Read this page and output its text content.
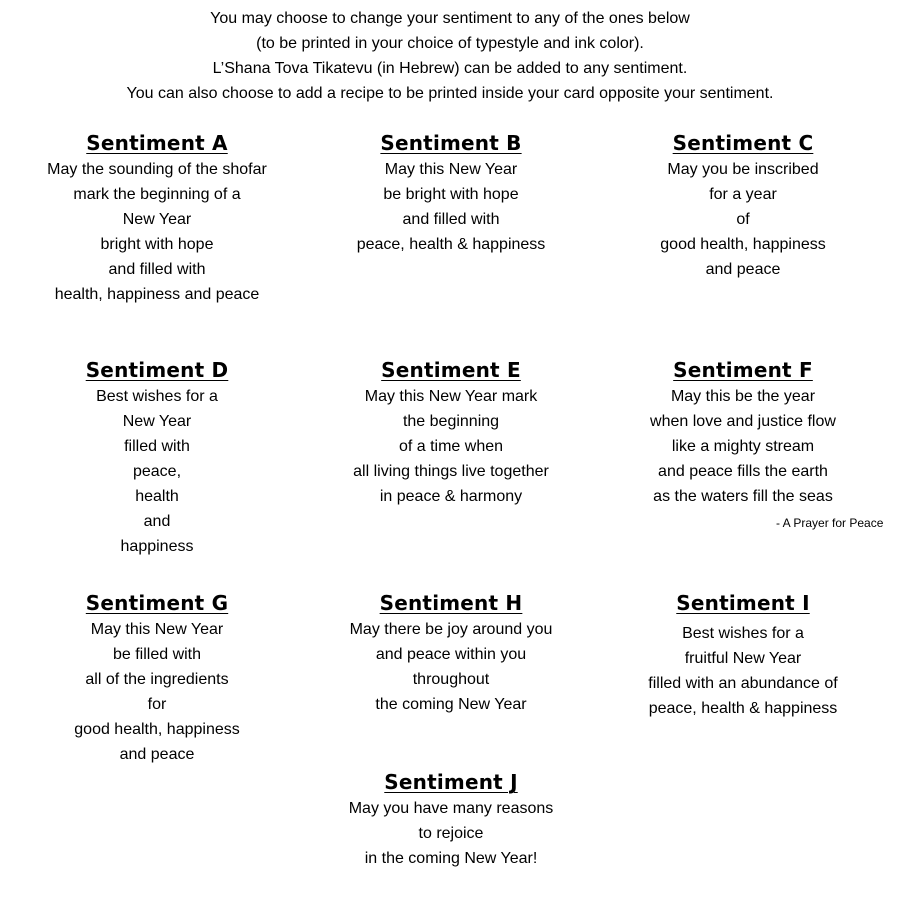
You may choose to change your sentiment to any of the ones below
(to be printed in your choice of typestyle and ink color).
L’Shana Tova Tikatevu (in Hebrew) can be added to any sentiment.
You can also choose to add a recipe to be printed inside your card opposite your sentiment.
Sentiment A
May the sounding of the shofar
mark the beginning of a
New Year
bright with hope
and filled with
health, happiness and peace
Sentiment B
May this New Year
be bright with hope
and filled with
peace, health & happiness
Sentiment C
May you be inscribed
for a year
of
good health, happiness
and peace
Sentiment D
Best wishes for a
New Year
filled with
peace,
health
and
happiness
Sentiment E
May this New Year mark
the beginning
of a time when
all living things live together
in peace & harmony
Sentiment F
May this be the year
when love and justice flow
like a mighty stream
and peace fills the earth
as the waters fill the seas
- A Prayer for Peace
Sentiment G
May this New Year
be filled with
all of the ingredients
for
good health, happiness
and peace
Sentiment H
May there be joy around you
and peace within you
throughout
the coming New Year
Sentiment I
Best wishes for a
fruitful New Year
filled with an abundance of
peace, health & happiness
Sentiment J
May you have many reasons
to rejoice
in the coming New Year!
